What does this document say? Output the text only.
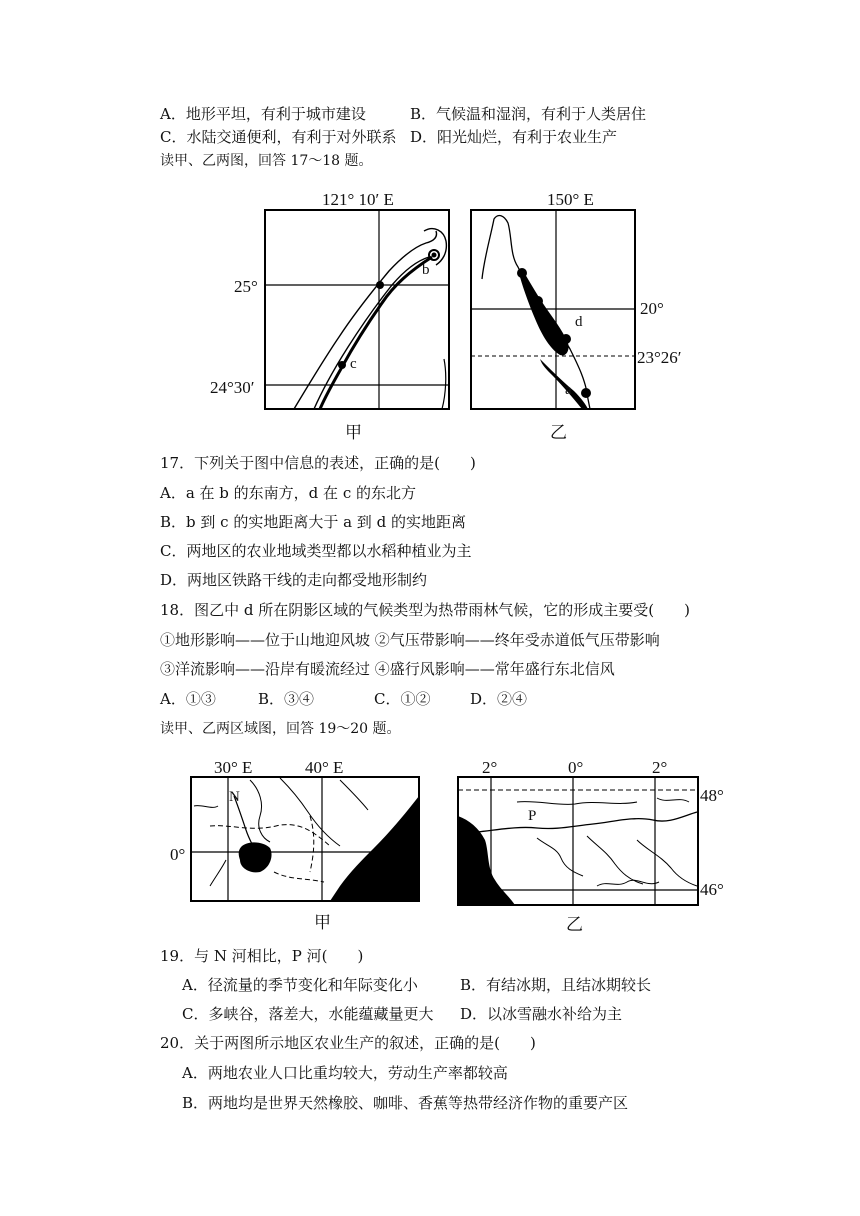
A．地形平坦，有利于城市建设	B．气候温和湿润，有利于人类居住
C．水陆交通便利，有利于对外联系 D．阳光灿烂，有利于农业生产
读甲、乙两图，回答 17～18 题。
121° 10′ E
25°
24°30′
b
c
甲
150° E
20°
23°26′
d
a
乙
17．下列关于图中信息的表述，正确的是(　　)
A．a 在 b 的东南方，d 在 c 的东北方
B．b 到 c 的实地距离大于 a 到 d 的实地距离
C．两地区的农业地域类型都以水稻种植业为主
D．两地区铁路干线的走向都受地形制约
18．图乙中 d 所在阴影区域的气候类型为热带雨林气候，它的形成主要受(　　)
①地形影响——位于山地迎风坡 ②气压带影响——终年受赤道低气压带影响
③洋流影响——沿岸有暖流经过 ④盛行风影响——常年盛行东北信风
A．①③	B．③④	C．①②	D．②④
读甲、乙两区域图，回答 19～20 题。
30° E	40° E
0°
N
甲
2°	0°	2°
48°
46°
P
乙
19．与 N 河相比，P 河(　　)
A．径流量的季节变化和年际变化小	B．有结冰期，且结冰期较长
C．多峡谷，落差大，水能蕴藏量更大 D．以冰雪融水补给为主
20．关于两图所示地区农业生产的叙述，正确的是(　　)
A．两地农业人口比重均较大，劳动生产率都较高
B．两地均是世界天然橡胶、咖啡、香蕉等热带经济作物的重要产区
